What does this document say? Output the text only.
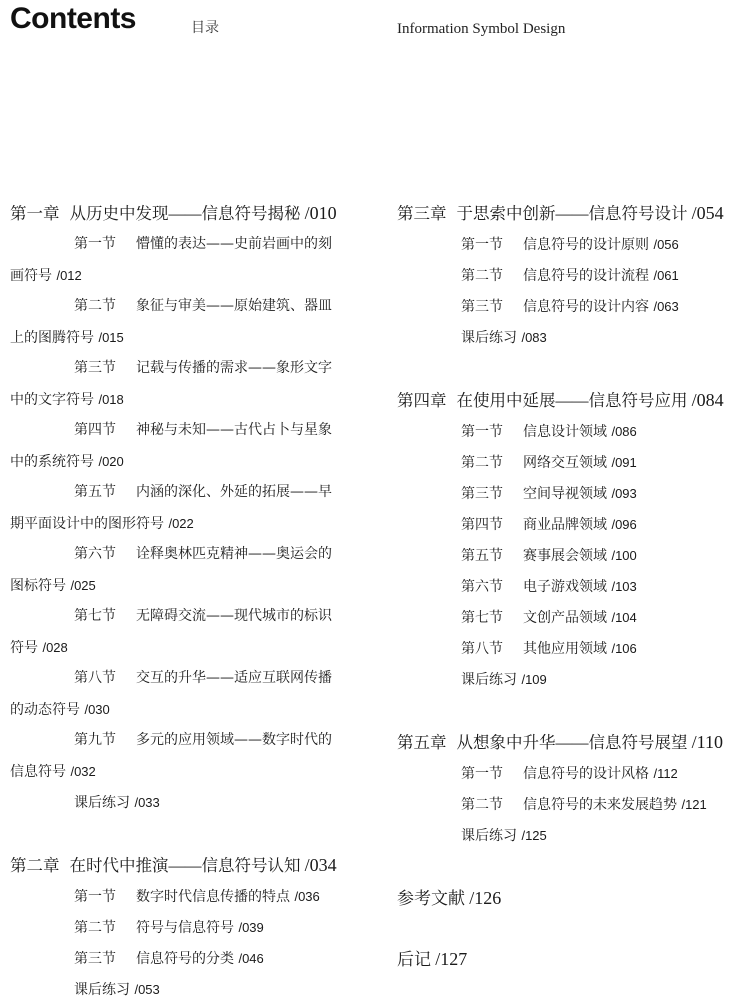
Contents	目录	Information Symbol Design
第一章 从历史中发现——信息符号揭秘 /010
第一节 懵懂的表达——史前岩画中的刻
画符号 /012
第二节 象征与审美——原始建筑、器皿
上的图腾符号 /015
第三节 记载与传播的需求——象形文字
中的文字符号 /018
第四节 神秘与未知——古代占卜与星象
中的系统符号 /020
第五节 内涵的深化、外延的拓展——早
期平面设计中的图形符号 /022
第六节 诠释奥林匹克精神——奥运会的
图标符号 /025
第七节 无障碍交流——现代城市的标识
符号 /028
第八节 交互的升华——适应互联网传播
的动态符号 /030
第九节 多元的应用领域——数字时代的
信息符号 /032
课后练习 /033
第二章 在时代中推演——信息符号认知 /034
第一节 数字时代信息传播的特点 /036
第二节 符号与信息符号 /039
第三节 信息符号的分类 /046
课后练习 /053
第三章 于思索中创新——信息符号设计 /054
第一节 信息符号的设计原则 /056
第二节 信息符号的设计流程 /061
第三节 信息符号的设计内容 /063
课后练习 /083
第四章 在使用中延展——信息符号应用 /084
第一节 信息设计领域 /086
第二节 网络交互领域 /091
第三节 空间导视领域 /093
第四节 商业品牌领域 /096
第五节 赛事展会领域 /100
第六节 电子游戏领域 /103
第七节 文创产品领域 /104
第八节 其他应用领域 /106
课后练习 /109
第五章 从想象中升华——信息符号展望 /110
第一节 信息符号的设计风格 /112
第二节 信息符号的未来发展趋势 /121
课后练习 /125
参考文献 /126
后记 /127
